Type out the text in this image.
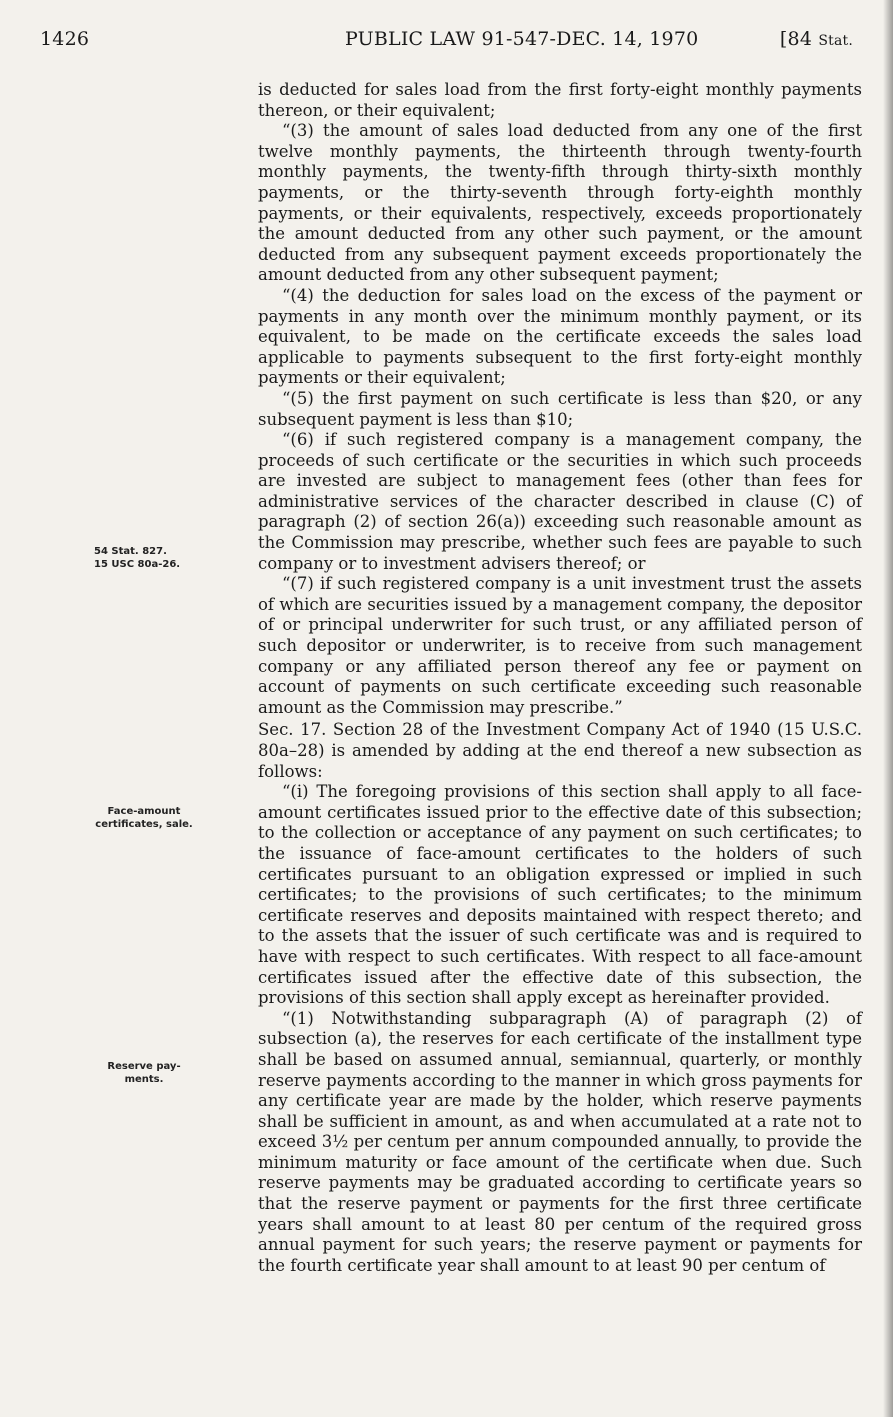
1426	PUBLIC LAW 91-547-DEC. 14, 1970	[84 Stat.
54 Stat. 827.
15 USC 80a-26.
Face-amount
certificates, sale.
Reserve pay-
ments.

is deducted for sales load from the first forty-eight monthly payments thereon, or their equivalent;

“(3) the amount of sales load deducted from any one of the first twelve monthly payments, the thirteenth through twenty-fourth monthly payments, the twenty-fifth through thirty-sixth monthly payments, or the thirty-seventh through forty-eighth monthly payments, or their equivalents, respectively, exceeds proportionately the amount deducted from any other such payment, or the amount deducted from any subsequent payment exceeds proportionately the amount deducted from any other subsequent payment;

“(4) the deduction for sales load on the excess of the payment or payments in any month over the minimum monthly payment, or its equivalent, to be made on the certificate exceeds the sales load applicable to payments subsequent to the first forty-eight monthly payments or their equivalent;

“(5) the first payment on such certificate is less than $20, or any subsequent payment is less than $10;

“(6) if such registered company is a management company, the proceeds of such certificate or the securities in which such proceeds are invested are subject to management fees (other than fees for administrative services of the character described in clause (C) of paragraph (2) of section 26(a)) exceeding such reasonable amount as the Commission may prescribe, whether such fees are payable to such company or to investment advisers thereof; or

“(7) if such registered company is a unit investment trust the assets of which are securities issued by a management company, the depositor of or principal underwriter for such trust, or any affiliated person of such depositor or underwriter, is to receive from such management company or any affiliated person thereof any fee or payment on account of payments on such certificate exceeding such reasonable amount as the Commission may prescribe.”

Sec. 17. Section 28 of the Investment Company Act of 1940 (15 U.S.C. 80a–28) is amended by adding at the end thereof a new subsection as follows:

“(i) The foregoing provisions of this section shall apply to all face-amount certificates issued prior to the effective date of this subsection; to the collection or acceptance of any payment on such certificates; to the issuance of face-amount certificates to the holders of such certificates pursuant to an obligation expressed or implied in such certificates; to the provisions of such certificates; to the minimum certificate reserves and deposits maintained with respect thereto; and to the assets that the issuer of such certificate was and is required to have with respect to such certificates. With respect to all face-amount certificates issued after the effective date of this subsection, the provisions of this section shall apply except as hereinafter provided.

“(1) Notwithstanding subparagraph (A) of paragraph (2) of subsection (a), the reserves for each certificate of the installment type shall be based on assumed annual, semiannual, quarterly, or monthly reserve payments according to the manner in which gross payments for any certificate year are made by the holder, which reserve payments shall be sufficient in amount, as and when accumulated at a rate not to exceed 3½ per centum per annum compounded annually, to provide the minimum maturity or face amount of the certificate when due. Such reserve payments may be graduated according to certificate years so that the reserve payment or payments for the first three certificate years shall amount to at least 80 per centum of the required gross annual payment for such years; the reserve payment or payments for the fourth certificate year shall amount to at least 90 per centum of
